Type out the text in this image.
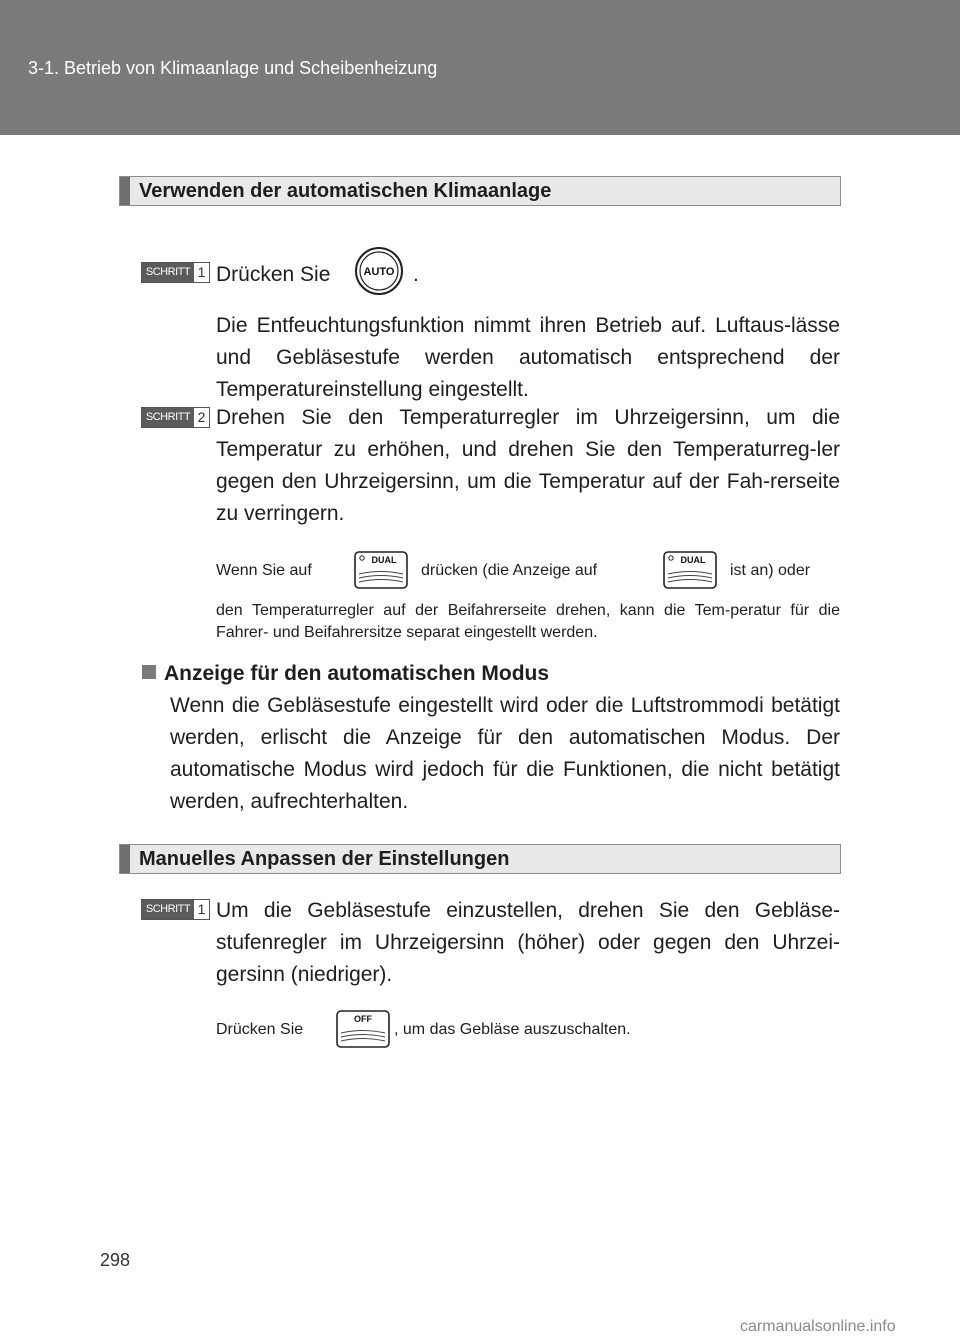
3-1. Betrieb von Klimaanlage und Scheibenheizung
Verwenden der automatischen Klimaanlage
SCHRITT 1 Drücken Sie	AUTO .
Die Entfeuchtungsfunktion nimmt ihren Betrieb auf. Luftaus-lässe und Gebläsestufe werden automatisch entsprechend der Temperatureinstellung eingestellt.
SCHRITT 2 Drehen Sie den Temperaturregler im Uhrzeigersinn, um die Temperatur zu erhöhen, und drehen Sie den Temperaturreg-ler gegen den Uhrzeigersinn, um die Temperatur auf der Fah-rerseite zu verringern.
Wenn Sie auf
DUAL
drücken (die Anzeige auf
DUAL
ist an) oder
den Temperaturregler auf der Beifahrerseite drehen, kann die Tem-peratur für die Fahrer- und Beifahrersitze separat eingestellt werden.
Anzeige für den automatischen Modus
Wenn die Gebläsestufe eingestellt wird oder die Luftstrommodi betätigt werden, erlischt die Anzeige für den automatischen Modus. Der automatische Modus wird jedoch für die Funktionen, die nicht betätigt werden, aufrechterhalten.
Manuelles Anpassen der Einstellungen
SCHRITT 1 Um die Gebläsestufe einzustellen, drehen Sie den Gebläse-stufenregler im Uhrzeigersinn (höher) oder gegen den Uhrzei-gersinn (niedriger).
Drücken Sie
OFF
, um das Gebläse auszuschalten.
298
carmanualsonline.info
